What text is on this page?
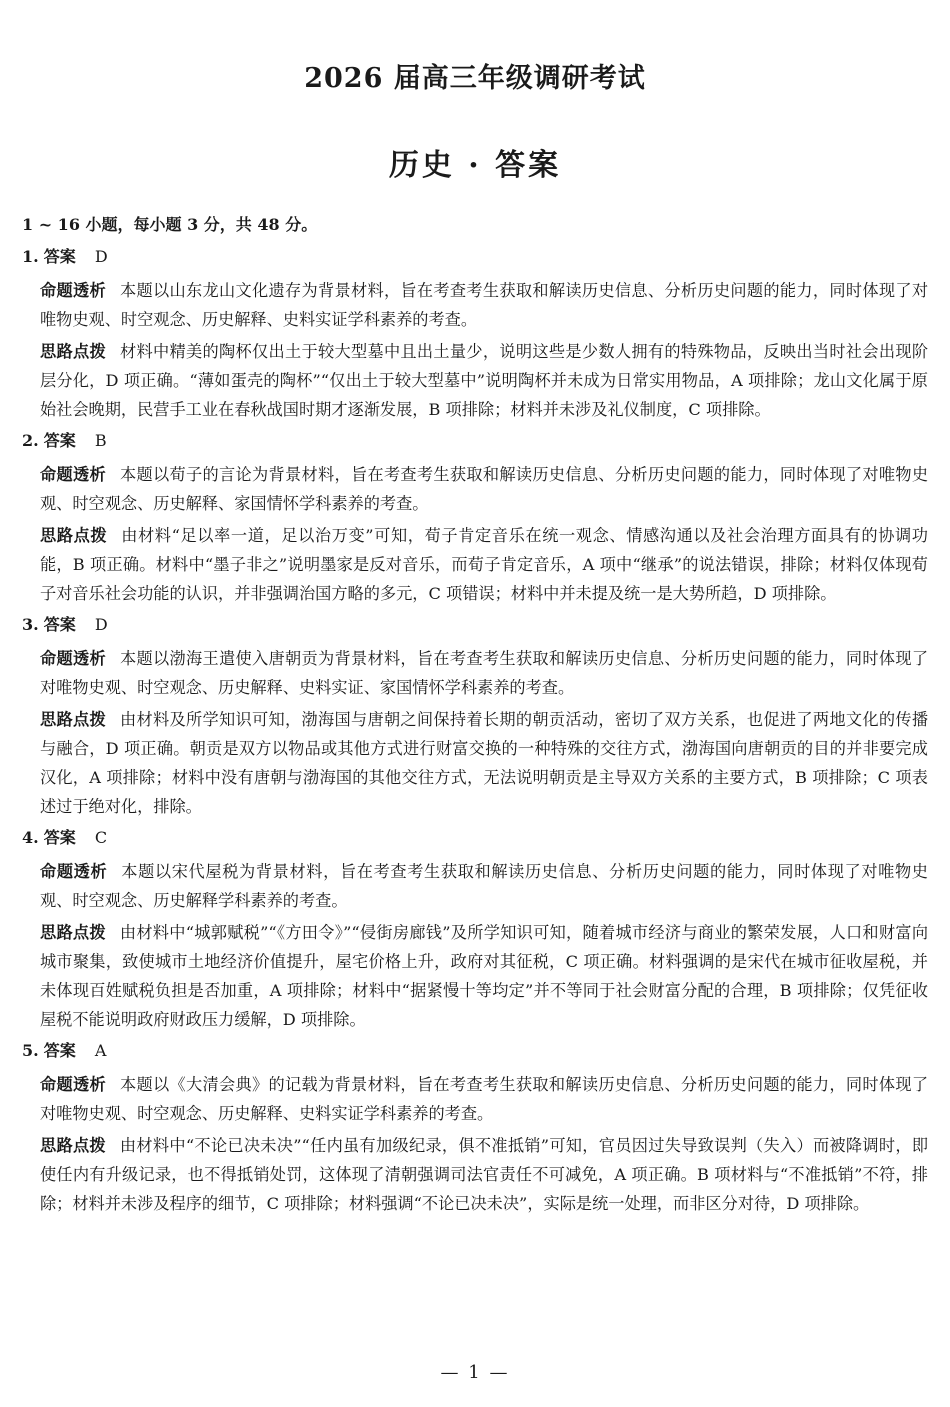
2026 届高三年级调研考试
历史 · 答案
1 ~ 16 小题，每小题 3 分，共 48 分。
1. 答案 D
命题透析 本题以山东龙山文化遗存为背景材料，旨在考查考生获取和解读历史信息、分析历史问题的能力，同时体现了对唯物史观、时空观念、历史解释、史料实证学科素养的考查。
思路点拨 材料中精美的陶杯仅出土于较大型墓中且出土量少，说明这些是少数人拥有的特殊物品，反映出当时社会出现阶层分化，D 项正确。“薄如蛋壳的陶杯”“仅出土于较大型墓中”说明陶杯并未成为日常实用物品，A 项排除；龙山文化属于原始社会晚期，民营手工业在春秋战国时期才逐渐发展，B 项排除；材料并未涉及礼仪制度，C 项排除。
2. 答案 B
命题透析 本题以荀子的言论为背景材料，旨在考查考生获取和解读历史信息、分析历史问题的能力，同时体现了对唯物史观、时空观念、历史解释、家国情怀学科素养的考查。
思路点拨 由材料“足以率一道，足以治万变”可知，荀子肯定音乐在统一观念、情感沟通以及社会治理方面具有的协调功能，B 项正确。材料中“墨子非之”说明墨家是反对音乐，而荀子肯定音乐，A 项中“继承”的说法错误，排除；材料仅体现荀子对音乐社会功能的认识，并非强调治国方略的多元，C 项错误；材料中并未提及统一是大势所趋，D 项排除。
3. 答案 D
命题透析 本题以渤海王遣使入唐朝贡为背景材料，旨在考查考生获取和解读历史信息、分析历史问题的能力，同时体现了对唯物史观、时空观念、历史解释、史料实证、家国情怀学科素养的考查。
思路点拨 由材料及所学知识可知，渤海国与唐朝之间保持着长期的朝贡活动，密切了双方关系，也促进了两地文化的传播与融合，D 项正确。朝贡是双方以物品或其他方式进行财富交换的一种特殊的交往方式，渤海国向唐朝贡的目的并非要完成汉化，A 项排除；材料中没有唐朝与渤海国的其他交往方式，无法说明朝贡是主导双方关系的主要方式，B 项排除；C 项表述过于绝对化，排除。
4. 答案 C
命题透析 本题以宋代屋税为背景材料，旨在考查考生获取和解读历史信息、分析历史问题的能力，同时体现了对唯物史观、时空观念、历史解释学科素养的考查。
思路点拨 由材料中“城郭赋税”“《方田令》”“侵街房廊钱”及所学知识可知，随着城市经济与商业的繁荣发展，人口和财富向城市聚集，致使城市土地经济价值提升，屋宅价格上升，政府对其征税，C 项正确。材料强调的是宋代在城市征收屋税，并未体现百姓赋税负担是否加重，A 项排除；材料中“据紧慢十等均定”并不等同于社会财富分配的合理，B 项排除；仅凭征收屋税不能说明政府财政压力缓解，D 项排除。
5. 答案 A
命题透析 本题以《大清会典》的记载为背景材料，旨在考查考生获取和解读历史信息、分析历史问题的能力，同时体现了对唯物史观、时空观念、历史解释、史料实证学科素养的考查。
思路点拨 由材料中“不论已决未决”“任内虽有加级纪录，俱不准抵销”可知，官员因过失导致误判（失入）而被降调时，即使任内有升级记录，也不得抵销处罚，这体现了清朝强调司法官责任不可减免，A 项正确。B 项材料与“不准抵销”不符，排除；材料并未涉及程序的细节，C 项排除；材料强调“不论已决未决”，实际是统一处理，而非区分对待，D 项排除。
— 1 —
